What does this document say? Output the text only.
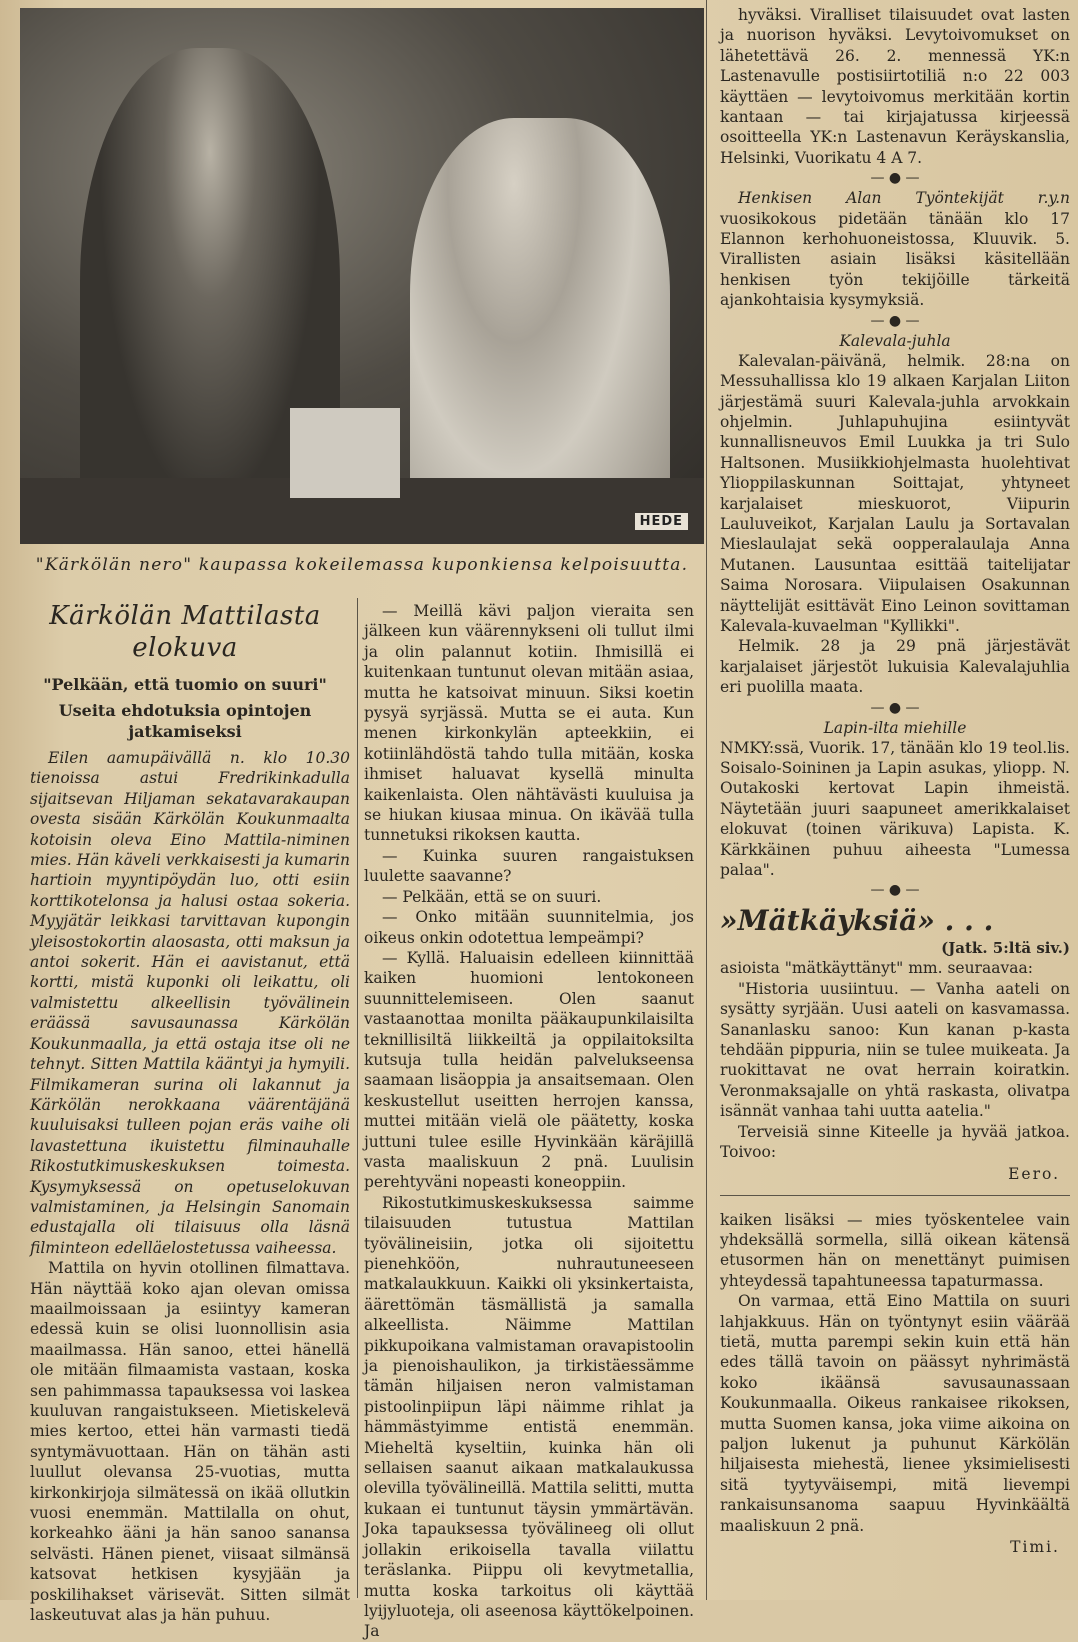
HEDE
"Kärkölän nero" kaupassa kokeilemassa kuponkiensa kelpoisuutta.
Kärkölän Mattilasta elokuva
"Pelkään, että tuomio on suuri"
Useita ehdotuksia opintojen jatkamiseksi

Eilen aamupäivällä n. klo 10.30 tienoissa astui Fredrikinkadulla sijaitsevan Hiljaman sekatavarakaupan ovesta sisään Kärkölän Koukunmaalta kotoisin oleva Eino Mattila-niminen mies. Hän käveli verkkaisesti ja kumarin hartioin myyntipöydän luo, otti esiin korttikotelonsa ja halusi ostaa sokeria. Myyjätär leikkasi tarvittavan kupongin yleisostokortin alaosasta, otti maksun ja antoi sokerit. Hän ei aavistanut, että kortti, mistä kuponki oli leikattu, oli valmistettu alkeellisin työvälinein eräässä savusaunassa Kärkölän Koukunmaalla, ja että ostaja itse oli ne tehnyt. Sitten Mattila kääntyi ja hymyili. Filmikameran surina oli lakannut ja Kärkölän nerokkaana väärentäjänä kuuluisaksi tulleen pojan eräs vaihe oli lavastettuna ikuistettu filminauhalle Rikostutkimuskeskuksen toimesta. Kysymyksessä on opetuselokuvan valmistaminen, ja Helsingin Sanomain edustajalla oli tilaisuus olla läsnä filminteon edelläelostetussa vaiheessa.

Mattila on hyvin otollinen filmattava. Hän näyttää koko ajan olevan omissa maailmoissaan ja esiintyy kameran edessä kuin se olisi luonnollisin asia maailmassa. Hän sanoo, ettei hänellä ole mitään filmaamista vastaan, koska sen pahimmassa tapauksessa voi laskea kuuluvan rangaistukseen. Mietiskelevä mies kertoo, ettei hän varmasti tiedä syntymävuottaan. Hän on tähän asti luullut olevansa 25-vuotias, mutta kirkonkirjoja silmätessä on ikää ollutkin vuosi enemmän. Mattilalla on ohut, korkeahko ääni ja hän sanoo sanansa selvästi. Hänen pienet, viisaat silmänsä katsovat hetkisen kysyjään ja poskilihakset värisevät. Sitten silmät laskeutuvat alas ja hän puhuu.

— Meillä kävi paljon vieraita sen jälkeen kun väärennykseni oli tullut ilmi ja olin palannut kotiin. Ihmisillä ei kuitenkaan tuntunut olevan mitään asiaa, mutta he katsoivat minuun. Siksi koetin pysyä syrjässä. Mutta se ei auta. Kun menen kirkonkylän apteekkiin, ei kotiinlähdöstä tahdo tulla mitään, koska ihmiset haluavat kysellä minulta kaikenlaista. Olen nähtävästi kuuluisa ja se hiukan kiusaa minua. On ikävää tulla tunnetuksi rikoksen kautta.

— Kuinka suuren rangaistuksen luulette saavanne?

— Pelkään, että se on suuri.

— Onko mitään suunnitelmia, jos oikeus onkin odotettua lempeämpi?

— Kyllä. Haluaisin edelleen kiinnittää kaiken huomioni lentokoneen suunnittelemiseen. Olen saanut vastaanottaa monilta pääkaupunkilaisilta teknillisiltä liikkeiltä ja oppilaitoksilta kutsuja tulla heidän palvelukseensa saamaan lisäoppia ja ansaitsemaan. Olen keskustellut useitten herrojen kanssa, muttei mitään vielä ole päätetty, koska juttuni tulee esille Hyvinkään käräjillä vasta maaliskuun 2 pnä. Luulisin perehtyväni nopeasti koneoppiin.

Rikostutkimuskeskuksessa saimme tilaisuuden tutustua Mattilan työvälineisiin, jotka oli sijoitettu pienehköön, nuhrautuneeseen matkalaukkuun. Kaikki oli yksinkertaista, äärettömän täsmällistä ja samalla alkeellista. Näimme Mattilan pikkupoikana valmistaman oravapistoolin ja pienoishaulikon, ja tirkistäessämme tämän hiljaisen neron valmistaman pistoolinpiipun läpi näimme rihlat ja hämmästyimme entistä enemmän. Mieheltä kyseltiin, kuinka hän oli sellaisen saanut aikaan matkalaukussa olevilla työvälineillä. Mattila selitti, mutta kukaan ei tuntunut täysin ymmärtävän. Joka tapauksessa työvälineeg oli ollut jollakin erikoisella tavalla viilattu teräslanka. Piippu oli kevytmetallia, mutta koska tarkoitus oli käyttää lyijyluoteja, oli aseenosa käyttökelpoinen. Ja

hyväksi. Viralliset tilaisuudet ovat lasten ja nuorison hyväksi. Levytoivomukset on lähetettävä 26. 2. mennessä YK:n Lastenavulle postisiirtotiliä n:o 22 003 käyttäen — levytoivomus merkitään kortin kantaan — tai kirjajatussa kirjeessä osoitteella YK:n Lastenavun Keräyskanslia, Helsinki, Vuorikatu 4 A 7.

— ● —

Henkisen Alan Työntekijät r.y.n vuosikokous pidetään tänään klo 17 Elannon kerhohuoneistossa, Kluuvik. 5. Virallisten asiain lisäksi käsitellään henkisen työn tekijöille tärkeitä ajankohtaisia kysymyksiä.

— ● —
Kalevala-juhla

Kalevalan-päivänä, helmik. 28:na on Messuhallissa klo 19 alkaen Karjalan Liiton järjestämä suuri Kalevala-juhla arvokkain ohjelmin. Juhlapuhujina esiintyvät kunnallisneuvos Emil Luukka ja tri Sulo Haltsonen. Musiikkiohjelmasta huolehtivat Ylioppilaskunnan Soittajat, yhtyneet karjalaiset mieskuorot, Viipurin Lauluveikot, Karjalan Laulu ja Sortavalan Mieslaulajat sekä oopperalaulaja Anna Mutanen. Lausuntaa esittää taitelijatar Saima Norosara. Viipulaisen Osakunnan näyttelijät esittävät Eino Leinon sovittaman Kalevala-kuvaelman "Kyllikki".

Helmik. 28 ja 29 pnä järjestävät karjalaiset järjestöt lukuisia Kalevalajuhlia eri puolilla maata.

— ● —
Lapin-ilta miehille

NMKY:ssä, Vuorik. 17, tänään klo 19 teol.lis. Soisalo-Soininen ja Lapin asukas, yliopp. N. Outakoski kertovat Lapin ihmeistä. Näytetään juuri saapuneet amerikkalaiset elokuvat (toinen värikuva) Lapista. K. Kärkkäinen puhuu aiheesta "Lumessa palaa".

— ● —
»Mätkäyksiä» . . .
(Jatk. 5:ltä siv.)

asioista "mätkäyttänyt" mm. seuraavaa:

"Historia uusiintuu. — Vanha aateli on sysätty syrjään. Uusi aateli on kasvamassa. Sananlasku sanoo: Kun kanan p-kasta tehdään pippuria, niin se tulee muikeata. Ja ruokittavat ne ovat herrain koiratkin. Veronmaksajalle on yhtä raskasta, olivatpa isännät vanhaa tahi uutta aatelia."

Terveisiä sinne Kiteelle ja hyvää jatkoa. Toivoo:

Eero.

kaiken lisäksi — mies työskentelee vain yhdeksällä sormella, sillä oikean kätensä etusormen hän on menettänyt puimisen yhteydessä tapahtuneessa tapaturmassa.

On varmaa, että Eino Mattila on suuri lahjakkuus. Hän on työntynyt esiin väärää tietä, mutta parempi sekin kuin että hän edes tällä tavoin on päässyt nyhrimästä koko ikäänsä savusaunassaan Koukunmaalla. Oikeus rankaisee rikoksen, mutta Suomen kansa, joka viime aikoina on paljon lukenut ja puhunut Kärkölän hiljaisesta miehestä, lienee yksimielisesti sitä tyytyväisempi, mitä lievempi rankaisunsanoma saapuu Hyvinkäältä maaliskuun 2 pnä.

Timi.
